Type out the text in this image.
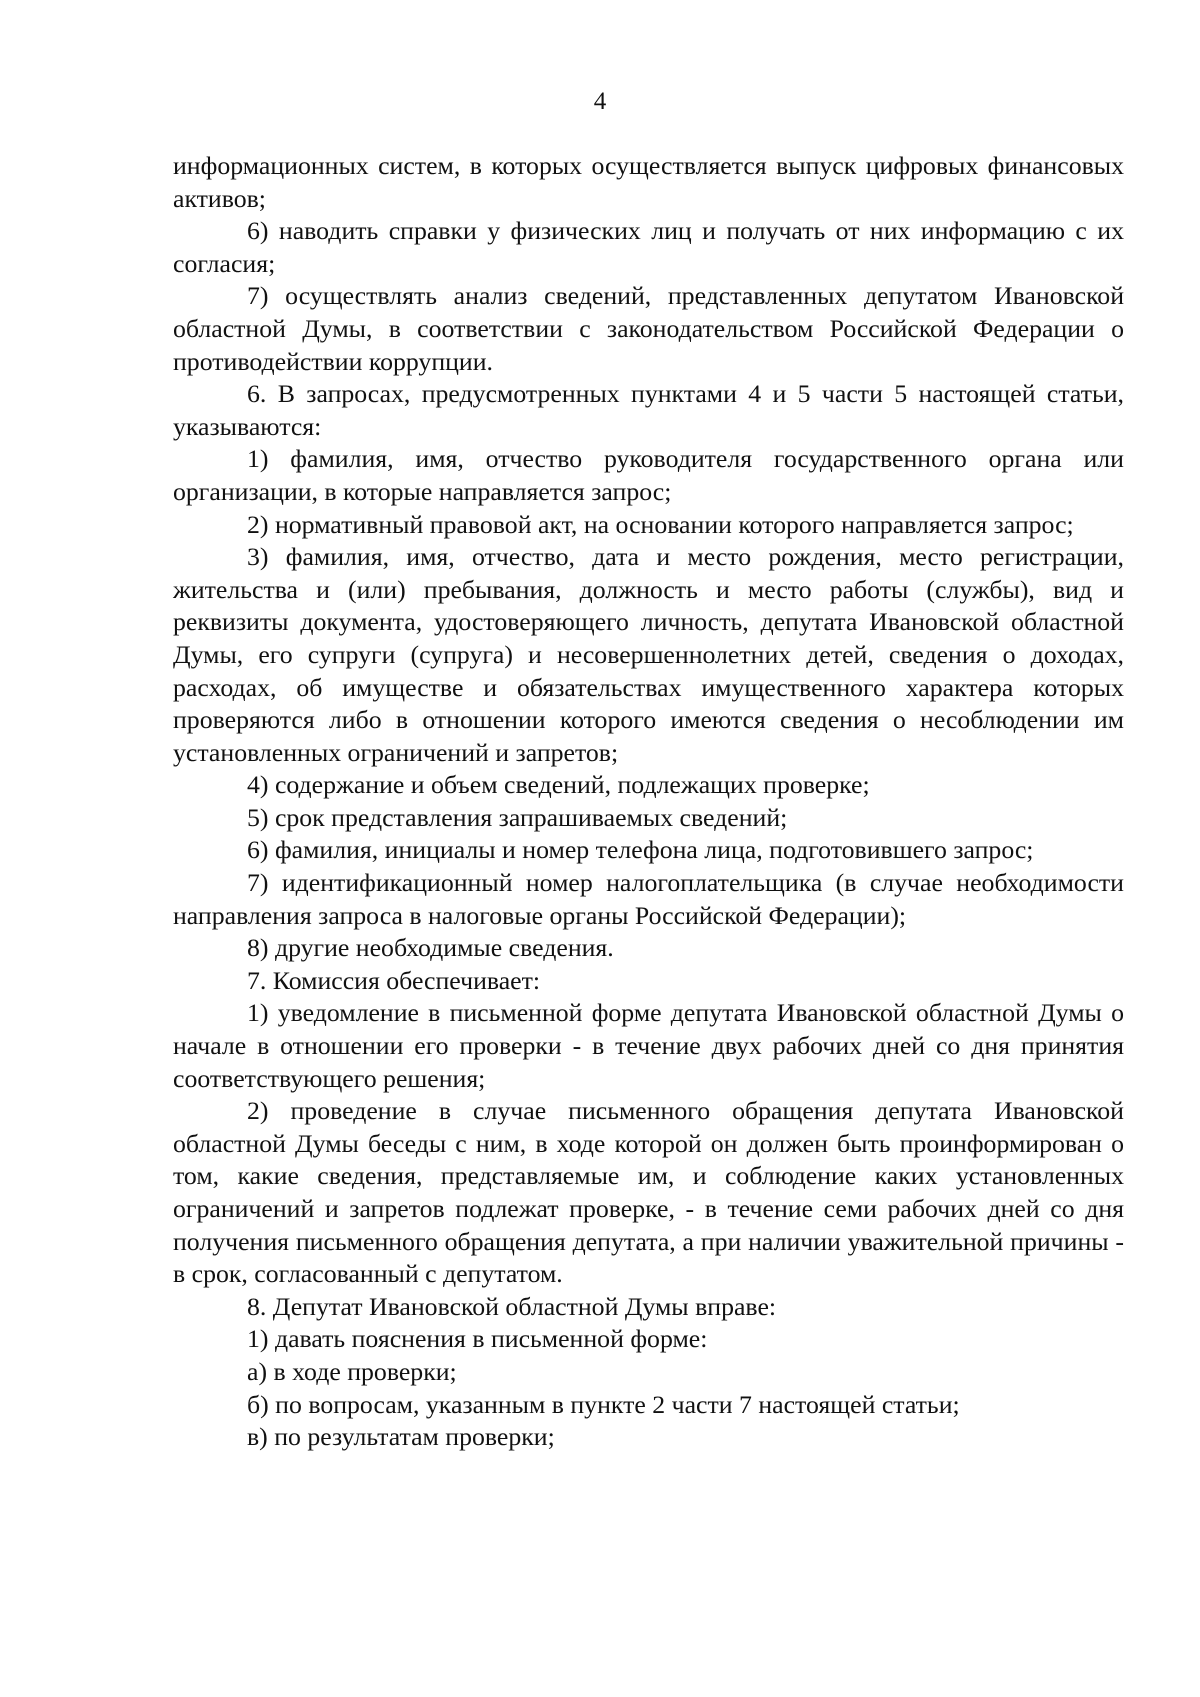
4

информационных систем, в которых осуществляется выпуск цифровых финансовых активов;

6) наводить справки у физических лиц и получать от них информацию с их согласия;

7) осуществлять анализ сведений, представленных депутатом Ивановской областной Думы, в соответствии с законодательством Российской Федерации о противодействии коррупции.

6. В запросах, предусмотренных пунктами 4 и 5 части 5 настоящей статьи, указываются:

1) фамилия, имя, отчество руководителя государственного органа или организации, в которые направляется запрос;

2) нормативный правовой акт, на основании которого направляется запрос;

3) фамилия, имя, отчество, дата и место рождения, место регистрации, жительства и (или) пребывания, должность и место работы (службы), вид и реквизиты документа, удостоверяющего личность, депутата Ивановской областной Думы, его супруги (супруга) и несовершеннолетних детей, сведения о доходах, расходах, об имуществе и обязательствах имущественного характера которых проверяются либо в отношении которого имеются сведения о несоблюдении им установленных ограничений и запретов;

4) содержание и объем сведений, подлежащих проверке;

5) срок представления запрашиваемых сведений;

6) фамилия, инициалы и номер телефона лица, подготовившего запрос;

7) идентификационный номер налогоплательщика (в случае необходимости направления запроса в налоговые органы Российской Федерации);

8) другие необходимые сведения.

7. Комиссия обеспечивает:

1) уведомление в письменной форме депутата Ивановской областной Думы о начале в отношении его проверки - в течение двух рабочих дней со дня принятия соответствующего решения;

2) проведение в случае письменного обращения депутата Ивановской областной Думы беседы с ним, в ходе которой он должен быть проинформирован о том, какие сведения, представляемые им, и соблюдение каких установленных ограничений и запретов подлежат проверке, - в течение семи рабочих дней со дня получения письменного обращения депутата, а при наличии уважительной причины - в срок, согласованный с депутатом.

8. Депутат Ивановской областной Думы вправе:

1) давать пояснения в письменной форме:

а) в ходе проверки;

б) по вопросам, указанным в пункте 2 части 7 настоящей статьи;

в) по результатам проверки;
